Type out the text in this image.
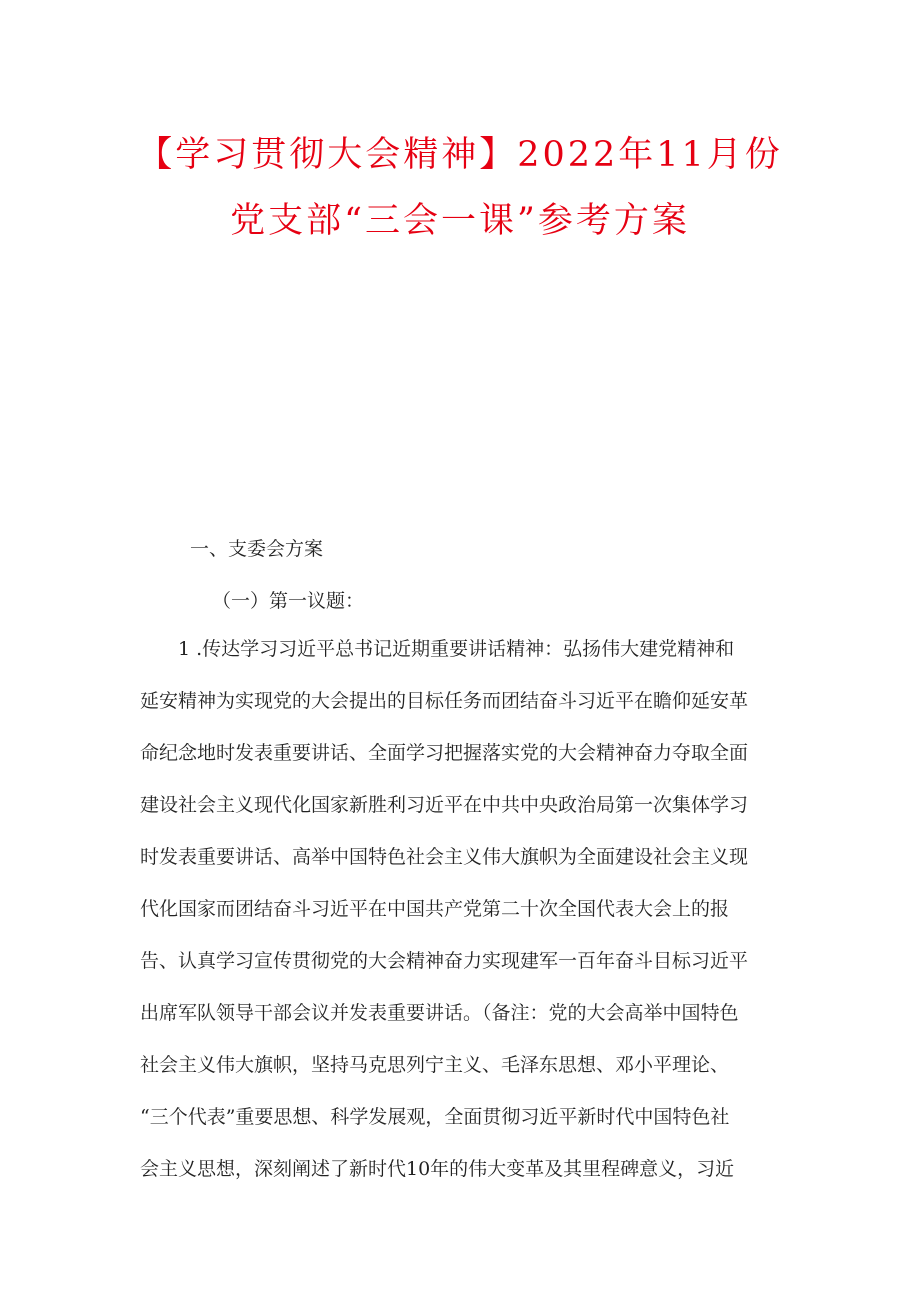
【学习贯彻大会精神】2022年11月份
党支部“三会一课”参考方案
一、支委会方案
（一）第一议题：
1 .传达学习习近平总书记近期重要讲话精神：弘扬伟大建党精神和
延安精神为实现党的大会提出的目标任务而团结奋斗习近平在瞻仰延安革
命纪念地时发表重要讲话、全面学习把握落实党的大会精神奋力夺取全面
建设社会主义现代化国家新胜利习近平在中共中央政治局第一次集体学习
时发表重要讲话、高举中国特色社会主义伟大旗帜为全面建设社会主义现
代化国家而团结奋斗习近平在中国共产党第二十次全国代表大会上的报
告、认真学习宣传贯彻党的大会精神奋力实现建军一百年奋斗目标习近平
出席军队领导干部会议并发表重要讲话。（备注：党的大会高举中国特色
社会主义伟大旗帜，坚持马克思列宁主义、毛泽东思想、邓小平理论、
“三个代表”重要思想、科学发展观，全面贯彻习近平新时代中国特色社
会主义思想，深刻阐述了新时代10年的伟大变革及其里程碑意义，习近
